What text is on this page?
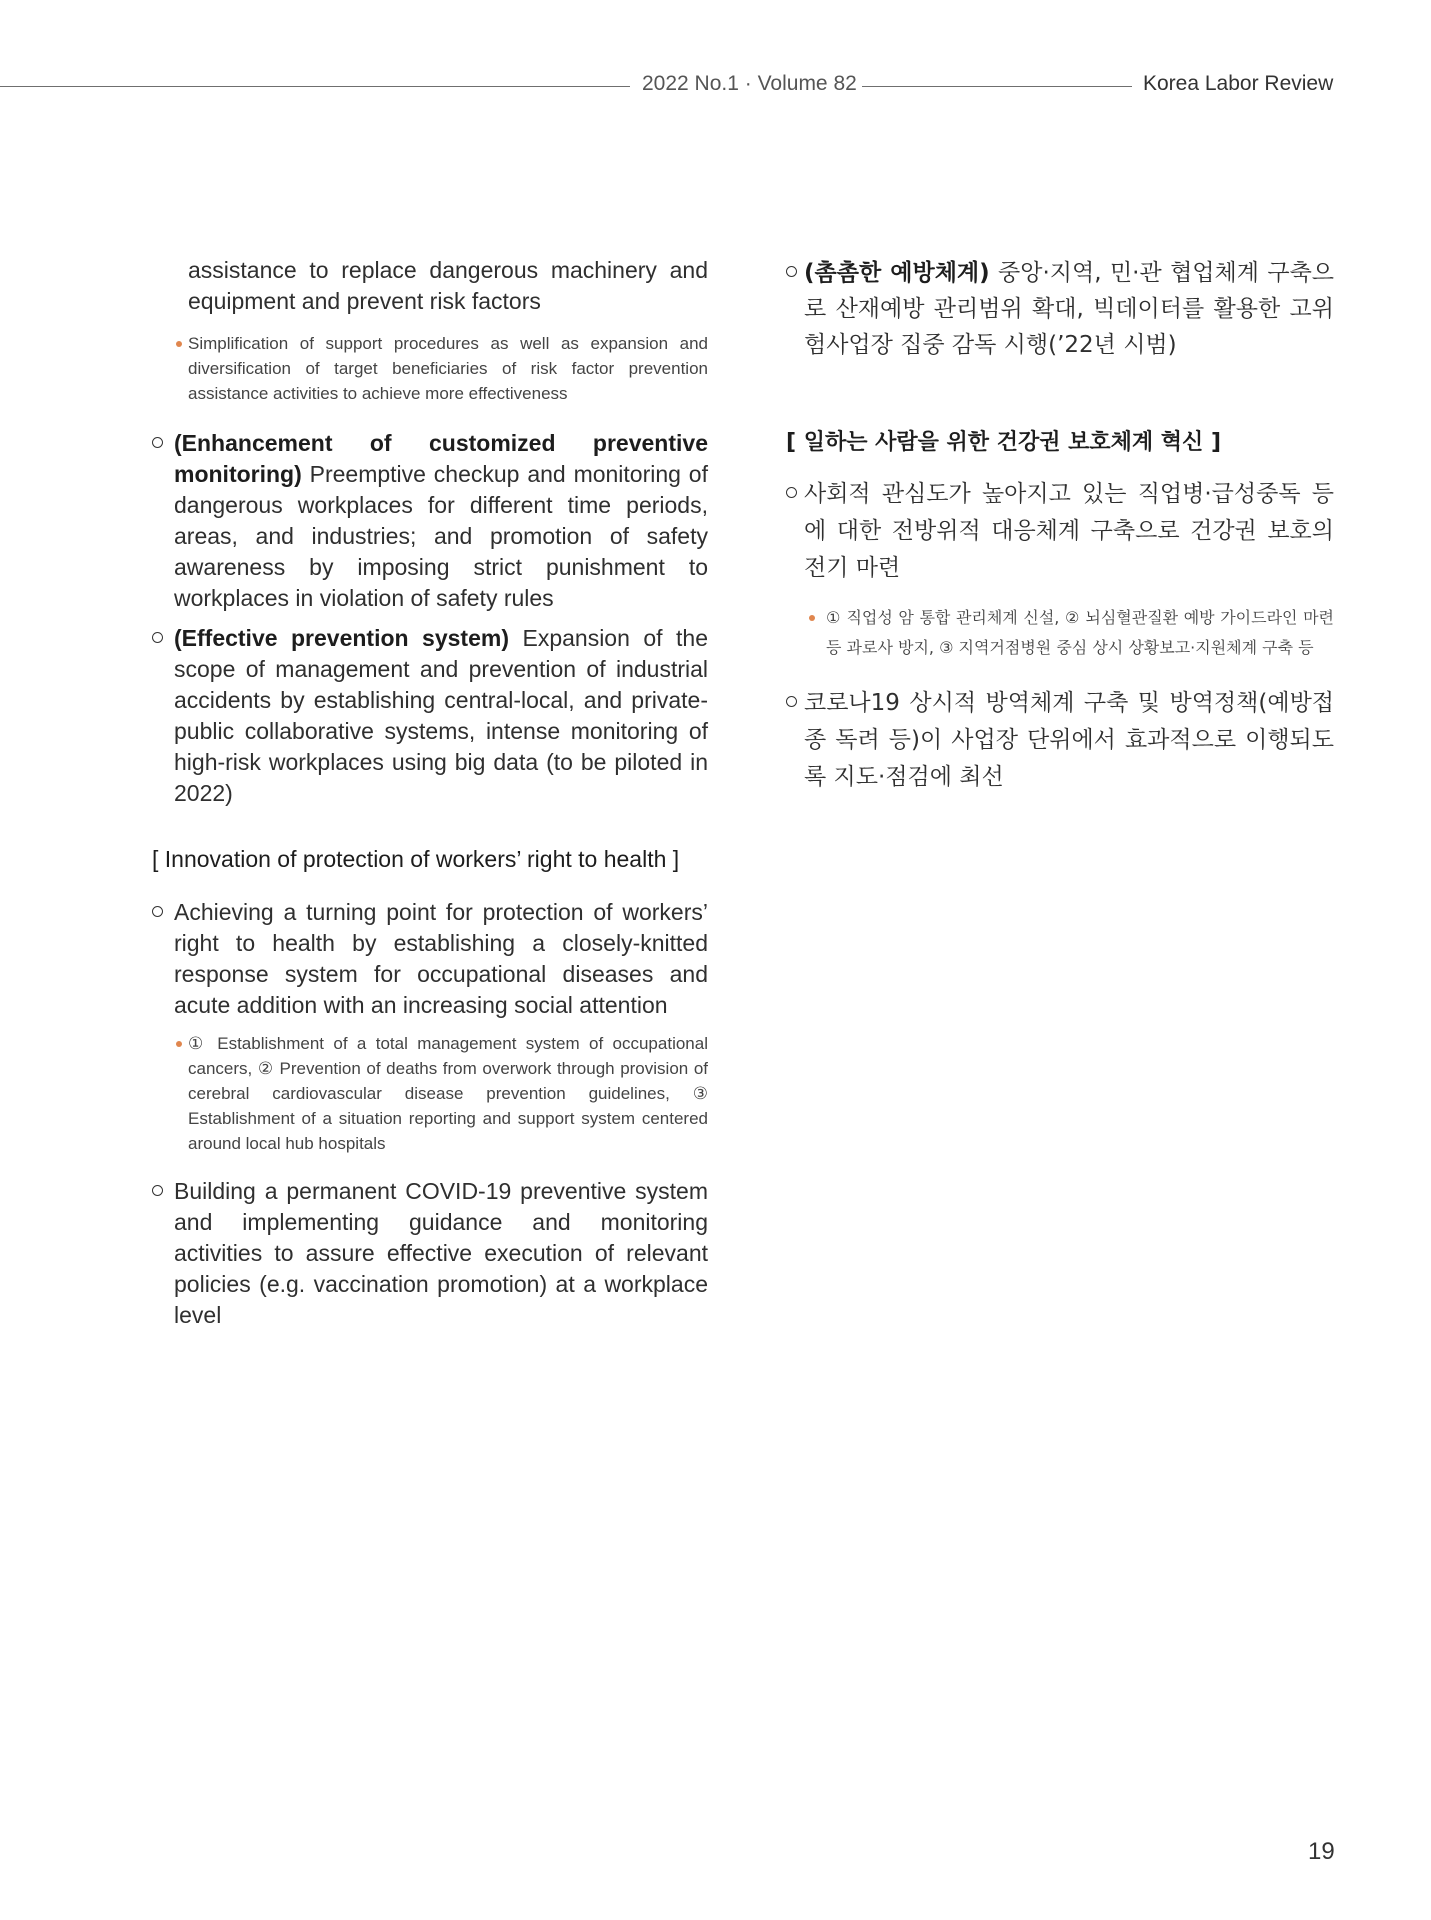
2022 No.1 · Volume 82	Korea Labor Review
assistance to replace dangerous machinery and equipment and prevent risk factors
Simplification of support procedures as well as expansion and diversification of target beneficiaries of risk factor prevention assistance activities to achieve more effectiveness
(Enhancement of customized preventive monitoring) Preemptive checkup and monitoring of dangerous workplaces for different time periods, areas, and industries; and promotion of safety awareness by imposing strict punishment to workplaces in violation of safety rules
(Effective prevention system) Expansion of the scope of management and prevention of industrial accidents by establishing central-local, and private-public collaborative systems, intense monitoring of high-risk workplaces using big data (to be piloted in 2022)
[ Innovation of protection of workers’ right to health ]
Achieving a turning point for protection of workers’ right to health by establishing a closely-knitted response system for occupational diseases and acute addition with an increasing social attention
① Establishment of a total management system of occupational cancers, ② Prevention of deaths from overwork through provision of cerebral cardiovascular disease prevention guidelines, ③ Establishment of a situation reporting and support system centered around local hub hospitals
Building a permanent COVID-19 preventive system and implementing guidance and monitoring activities to assure effective execution of relevant policies (e.g. vaccination promotion) at a workplace level
(촘촘한 예방체계) 중앙·지역, 민·관 협업체계 구축으로 산재예방 관리범위 확대, 빅데이터를 활용한 고위험사업장 집중 감독 시행(’22년 시범)
[ 일하는 사람을 위한 건강권 보호체계 혁신 ]
사회적 관심도가 높아지고 있는 직업병·급성중독 등에 대한 전방위적 대응체계 구축으로 건강권 보호의 전기 마련
① 직업성 암 통합 관리체계 신설, ② 뇌심혈관질환 예방 가이드라인 마련 등 과로사 방지, ③ 지역거점병원 중심 상시 상황보고·지원체계 구축 등
코로나19 상시적 방역체계 구축 및 방역정책(예방접종 독려 등)이 사업장 단위에서 효과적으로 이행되도록 지도·점검에 최선
19
